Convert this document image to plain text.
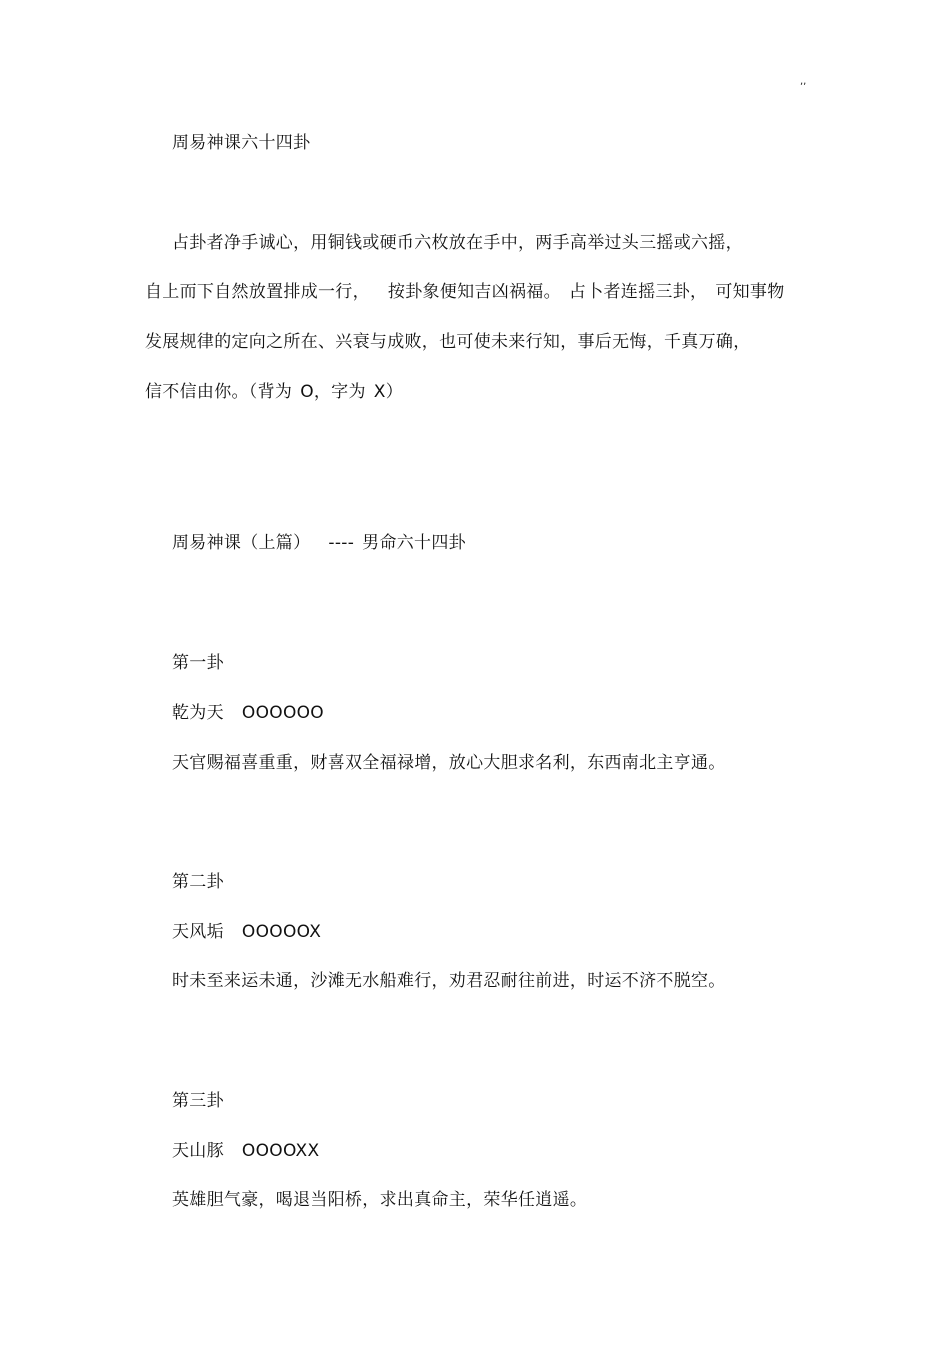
,,
周易神课六十四卦
占卦者净手诚心，用铜钱或硬币六枚放在手中，两手高举过头三摇或六摇，
自上而下自然放置排成一行， 按卦象便知吉凶祸福。 占卜者连摇三卦， 可知事物
发展规律的定向之所在、兴衰与成败，也可使未来行知，事后无悔，千真万确，
信不信由你。（背为 O，字为 X）
周易神课（上篇） ---- 男命六十四卦
第一卦
乾为天 OOOOOO
天官赐福喜重重，财喜双全福禄增，放心大胆求名利，东西南北主亨通。
第二卦
天风垢 OOOOOX
时未至来运未通，沙滩无水船难行，劝君忍耐往前进，时运不济不脱空。
第三卦
天山豚 OOOOXX
英雄胆气豪，喝退当阳桥，求出真命主，荣华任逍遥。
